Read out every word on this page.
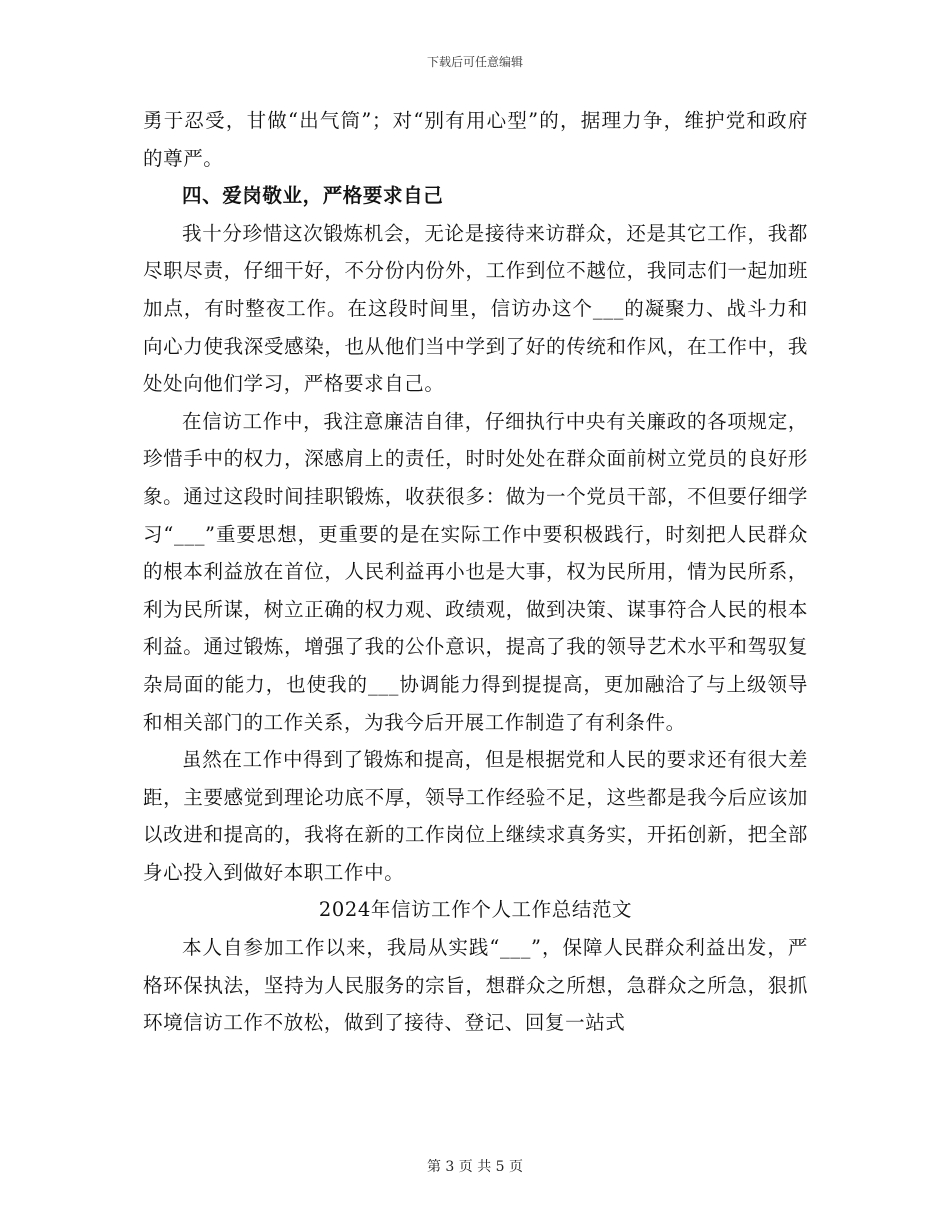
下载后可任意编辑

勇于忍受，甘做“出气筒”；对“别有用心型”的，据理力争，维护党和政府的尊严。

四、爱岗敬业，严格要求自己

我十分珍惜这次锻炼机会，无论是接待来访群众，还是其它工作，我都尽职尽责，仔细干好，不分份内份外，工作到位不越位，我同志们一起加班加点，有时整夜工作。在这段时间里，信访办这个___的凝聚力、战斗力和向心力使我深受感染，也从他们当中学到了好的传统和作风，在工作中，我处处向他们学习，严格要求自己。

在信访工作中，我注意廉洁自律，仔细执行中央有关廉政的各项规定，珍惜手中的权力，深感肩上的责任，时时处处在群众面前树立党员的良好形象。通过这段时间挂职锻炼，收获很多：做为一个党员干部，不但要仔细学习“___”重要思想，更重要的是在实际工作中要积极践行，时刻把人民群众的根本利益放在首位，人民利益再小也是大事，权为民所用，情为民所系，利为民所谋，树立正确的权力观、政绩观，做到决策、谋事符合人民的根本利益。通过锻炼，增强了我的公仆意识，提高了我的领导艺术水平和驾驭复杂局面的能力，也使我的___协调能力得到提提高，更加融洽了与上级领导和相关部门的工作关系，为我今后开展工作制造了有利条件。

虽然在工作中得到了锻炼和提高，但是根据党和人民的要求还有很大差距，主要感觉到理论功底不厚，领导工作经验不足，这些都是我今后应该加以改进和提高的，我将在新的工作岗位上继续求真务实，开拓创新，把全部身心投入到做好本职工作中。

2024年信访工作个人工作总结范文

本人自参加工作以来，我局从实践“___”，保障人民群众利益出发，严格环保执法，坚持为人民服务的宗旨，想群众之所想，急群众之所急，狠抓环境信访工作不放松，做到了接待、登记、回复一站式

第 3 页 共 5 页
